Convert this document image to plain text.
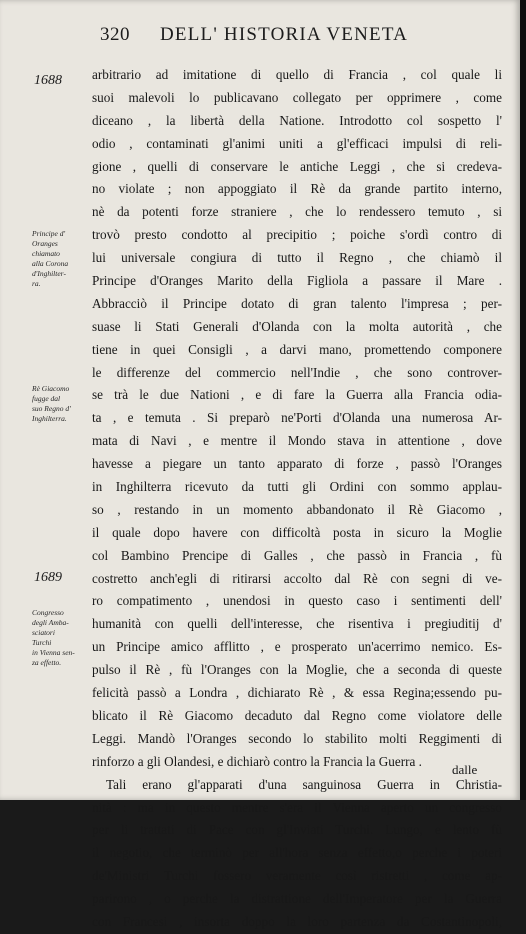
320 DELL' HISTORIA VENETA
1688
1689
Principe d'
Oranges
chiamato
alla Corona
d'Inghilter-
ra.
Rè Giacomo
fugge dal
suo Regno d'
Inghilterra.
Congresso
degli Amba-
sciatori
Turchi
in Vienna sen-
za effetto.
arbitrario ad imitatione di quello di Francia , col quale li
suoi malevoli lo publicavano collegato per opprimere , come
diceano , la libertà della Natione. Introdotto col sospetto l'
odio , contaminati gl'animi uniti a gl'efficaci impulsi di reli-
gione , quelli di conservare le antiche Leggi , che si credeva-
no violate ; non appoggiato il Rè da grande partito interno,
nè da potenti forze straniere , che lo rendessero temuto , si
trovò presto condotto al precipitio ; poiche s'ordì contro di
lui universale congiura di tutto il Regno , che chiamò il
Principe d'Oranges Marito della Figliola a passare il Mare .
Abbracciò il Principe dotato di gran talento l'impresa ; per-
suase li Stati Generali d'Olanda con la molta autorità , che
tiene in quei Consigli , a darvi mano, promettendo componere
le differenze del commercio nell'Indie , che sono controver-
se trà le due Nationi , e di fare la Guerra alla Francia odia-
ta , e temuta . Si preparò ne'Porti d'Olanda una numerosa Ar-
mata di Navi , e mentre il Mondo stava in attentione , dove
havesse a piegare un tanto apparato di forze , passò l'Oranges
in Inghilterra ricevuto da tutti gli Ordini con sommo applau-
so , restando in un momento abbandonato il Rè Giacomo ,
il quale dopo havere con difficoltà posta in sicuro la Moglie
col Bambino Prencipe di Galles , che passò in Francia , fù
costretto anch'egli di ritirarsi accolto dal Rè con segni di ve-
ro compatimento , unendosi in questo caso i sentimenti dell'
humanità con quelli dell'interesse, che risentiva i pregiuditij d'
un Principe amico afflitto , e prosperato un'acerrimo nemico. Es-
pulso il Rè , fù l'Oranges con la Moglie, che a seconda di queste
felicità passò a Londra , dichiarato Rè , & essa Regina;essendo pu-
blicato il Rè Giacomo decaduto dal Regno come violatore delle
Leggi. Mandò l'Oranges secondo lo stabilito molti Reggimenti di
rinforzo a gli Olandesi, e dichiarò contro la Francia la Guerra .
Tali erano gl'apparati d'una sanguinosa Guerra in Christia-
nità : ma in questo mentre s'era il Vienna aperto un congresso
per li trattati di Pace con gl'Inviati Turchi. Lungo, e lento fù
il negotio, che terminò per all'hora senza effetto,o perche i poteri
de'Ministri Turchi fossero veramente così ristretti , come ap-
parirono , o perche la distrattione dell'Imperatore per la Guerra
con Francesi , insorta doppo la loro partenza da Costantinopoli,
dalle
